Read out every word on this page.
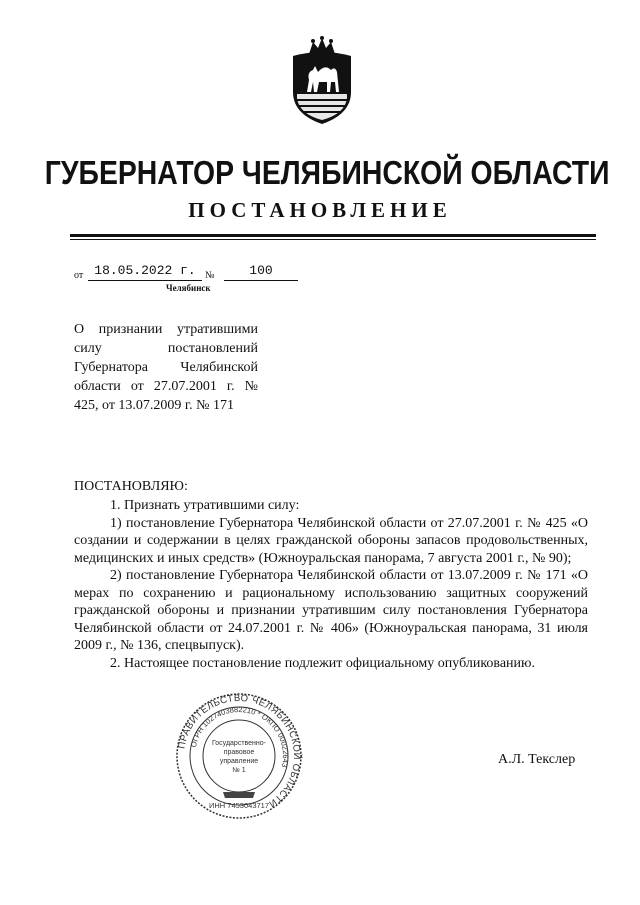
ГУБЕРНАТОР ЧЕЛЯБИНСКОЙ ОБЛАСТИ
ПОСТАНОВЛЕНИЕ
от 18.05.2022 г. №	100
Челябинск
О признании утратившими силу постановлений Губернатора Челябинской области от 27.07.2001 г. № 425, от 13.07.2009 г. № 171
ПОСТАНОВЛЯЮ:

1. Признать утратившими силу:

1) постановление Губернатора Челябинской области от 27.07.2001 г. № 425 «О создании и содержании в целях гражданской обороны запасов продовольственных, медицинских и иных средств» (Южноуральская панорама, 7 августа 2001 г., № 90);

2) постановление Губернатора Челябинской области от 13.07.2009 г. № 171 «О мерах по сохранению и рациональному использованию защитных сооружений гражданской обороны и признании утратившим силу постановления Губернатора Челябинской области от 24.07.2001 г. № 406» (Южноуральская панорама, 31 июля 2009 г., № 136, спецвыпуск).

2. Настоящее постановление подлежит официальному опубликованию.

ПРАВИТЕЛЬСТВО ЧЕЛЯБИНСКОЙ ОБЛАСТИ
ОГРН 1027403882210 * ОКПО 00022643
Государственно-
правовое
управление
№ 1
ИНН 7453043717
А.Л. Текслер
